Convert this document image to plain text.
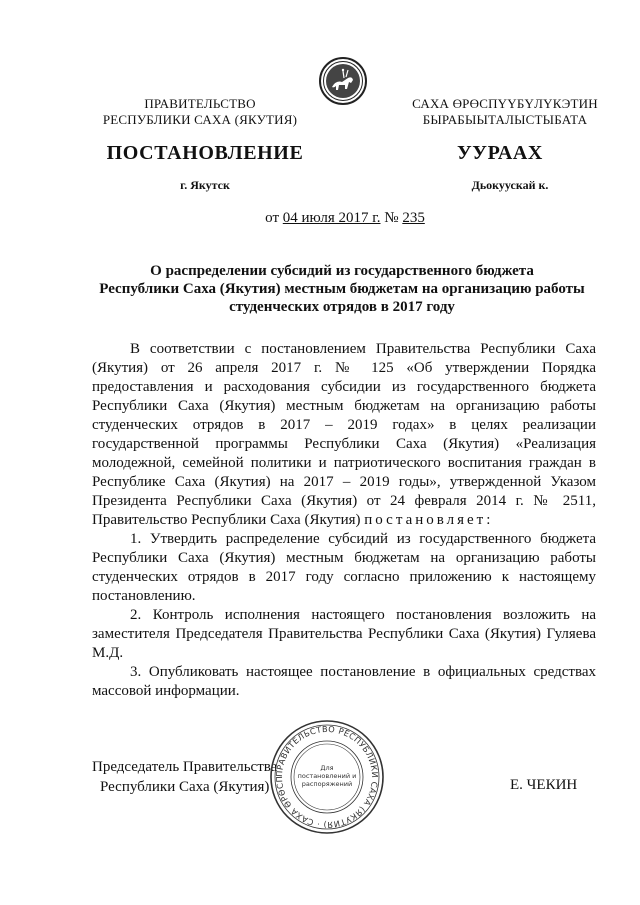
ПРАВИТЕЛЬСТВО
РЕСПУБЛИКИ САХА (ЯКУТИЯ)
САХА ӨРӨСПҮҮБҮЛҮКЭТИН
БЫРАБЫЫТАЛЫСТЫБАТА
ПОСТАНОВЛЕНИЕ	УУРААХ
г. Якутск	Дьокуускай к.
от 04 июля 2017 г. № 235
О распределении субсидий из государственного бюджета
Республики Саха (Якутия) местным бюджетам на организацию работы
студенческих отрядов в 2017 году

В соответствии с постановлением Правительства Республики Саха (Якутия) от 26 апреля 2017 г. № 125 «Об утверждении Порядка предоставления и расходования субсидии из государственного бюджета Республики Саха (Якутия) местным бюджетам на организацию работы студенческих отрядов в 2017 – 2019 годах» в целях реализации государственной программы Республики Саха (Якутия) «Реализация молодежной, семейной политики и патриотического воспитания граждан в Республике Саха (Якутия) на 2017 – 2019 годы», утвержденной Указом Президента Республики Саха (Якутия) от 24 февраля 2014 г. № 2511, Правительство Республики Саха (Якутия) постановляет:

1. Утвердить распределение субсидий из государственного бюджета Республики Саха (Якутия) местным бюджетам на организацию работы студенческих отрядов в 2017 году согласно приложению к настоящему постановлению.

2. Контроль исполнения настоящего постановления возложить на заместителя Председателя Правительства Республики Саха (Якутия) Гуляева М.Д.

3. Опубликовать настоящее постановление в официальных средствах массовой информации.

Председатель Правительства
Республики Саха (Якутия)	Е. ЧЕКИН
ПРАВИТЕЛЬСТВО РЕСПУБЛИКИ САХА (ЯКУТИЯ) · САХА ӨРӨСП
Для
постановлений и
распоряжений
